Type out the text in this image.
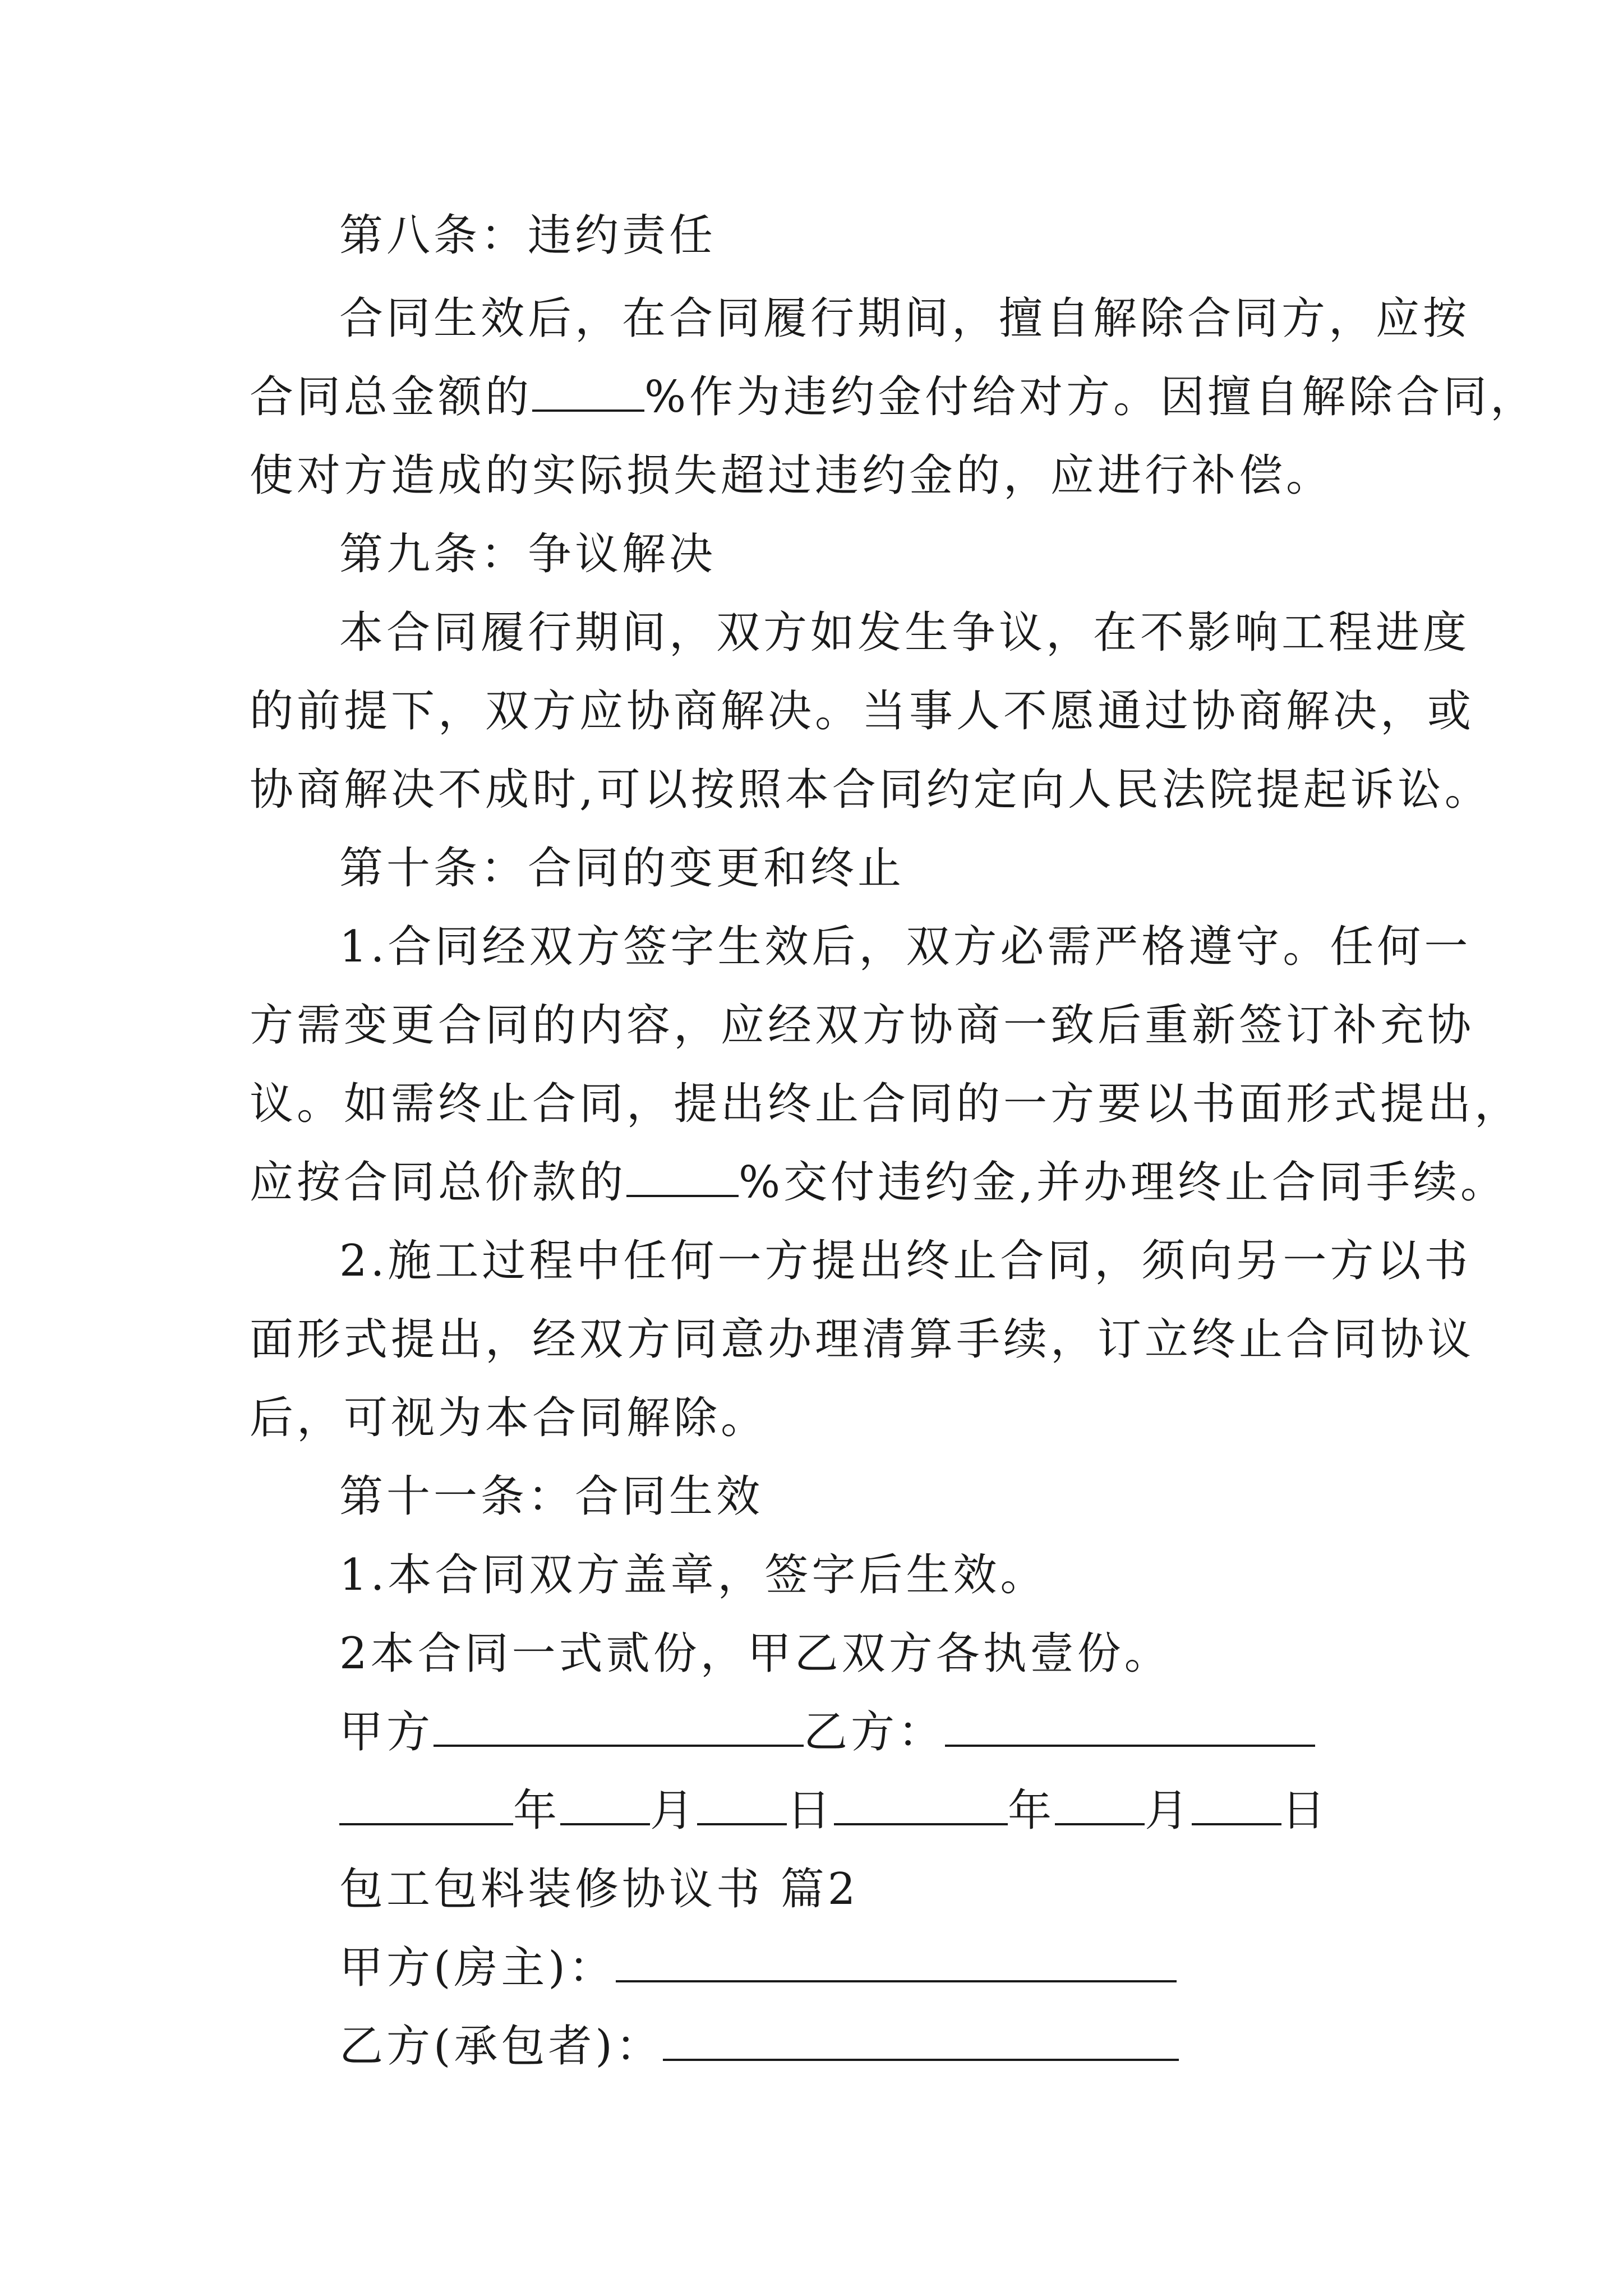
第八条：违约责任
合同生效后，在合同履行期间，擅自解除合同方，应按
合同总金额的	%作为违约金付给对方。因擅自解除合同，
使对方造成的实际损失超过违约金的，应进行补偿。
第九条：争议解决
本合同履行期间，双方如发生争议，在不影响工程进度
的前提下，双方应协商解决。当事人不愿通过协商解决，或
协商解决不成时,可以按照本合同约定向人民法院提起诉讼。
第十条：合同的变更和终止
1.合同经双方签字生效后，双方必需严格遵守。任何一
方需变更合同的内容，应经双方协商一致后重新签订补充协
议。如需终止合同，提出终止合同的一方要以书面形式提出，
应按合同总价款的	%交付违约金,并办理终止合同手续。
2.施工过程中任何一方提出终止合同，须向另一方以书
面形式提出，经双方同意办理清算手续，订立终止合同协议
后，可视为本合同解除。
第十一条：合同生效
1.本合同双方盖章，签字后生效。
2本合同一式贰份，甲乙双方各执壹份。
甲方	乙方：
年 月 日	年 月 日
包工包料装修协议书 篇2
甲方(房主)：
乙方(承包者)：
